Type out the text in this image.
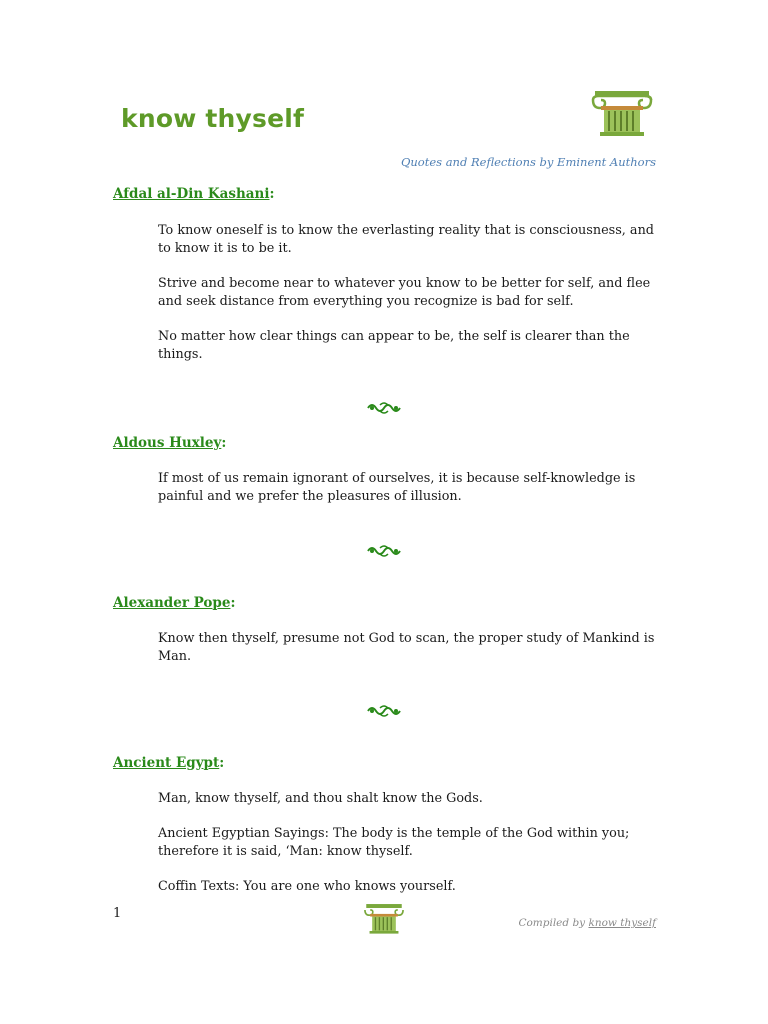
know thyself
Quotes and Reflections by Eminent Authors
Afdal al-Din Kashani:

To know oneself is to know the everlasting reality that is consciousness, and to know it is to be it.

Strive and become near to whatever you know to be better for self, and flee and seek distance from everything you recognize is bad for self.

No matter how clear things can appear to be, the self is clearer than the things.

Aldous Huxley:

If most of us remain ignorant of ourselves, it is because self-knowledge is painful and we prefer the pleasures of illusion.

Alexander Pope:

Know then thyself, presume not God to scan, the proper study of Mankind is Man.

Ancient Egypt:

Man, know thyself, and thou shalt know the Gods.

Ancient Egyptian Sayings: The body is the temple of the God within you; therefore it is said, ‘Man: know thyself.

Coffin Texts: You are one who knows yourself.

1
Compiled by know thyself
